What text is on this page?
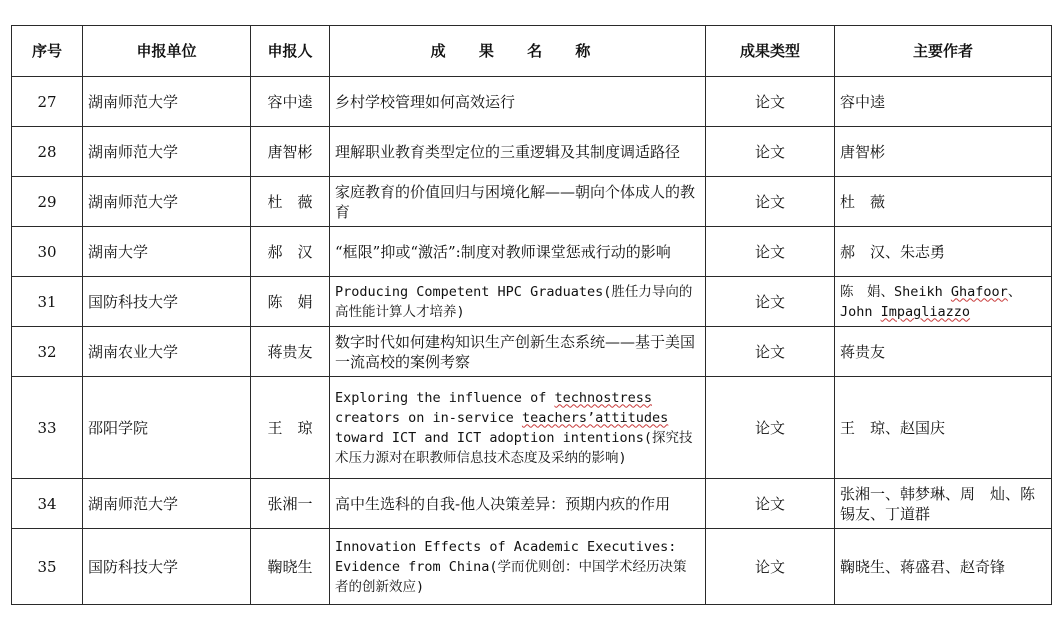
序号	申报单位	申报人	成 果 名 称	成果类型	主要作者
27	湖南师范大学	容中逵	乡村学校管理如何高效运行	论文	容中逵
28	湖南师范大学	唐智彬	理解职业教育类型定位的三重逻辑及其制度调适路径	论文	唐智彬
29	湖南师范大学	杜　薇	家庭教育的价值回归与困境化解——朝向个体成人的教育	论文	杜　薇
30	湖南大学	郝　汉	“框限”抑或“激活”:制度对教师课堂惩戒行动的影响	论文	郝　汉、朱志勇
31	国防科技大学	陈　娟	Producing Competent HPC Graduates(胜任力导向的高性能计算人才培养)	论文	陈　娟、Sheikh Ghafoor、John Impagliazzo
32	湖南农业大学	蒋贵友	数字时代如何建构知识生产创新生态系统——基于美国一流高校的案例考察	论文	蒋贵友
33	邵阳学院	王　琼	Exploring the influence of technostress creators on in-service teachers’attitudes toward ICT and ICT adoption intentions(探究技术压力源对在职教师信息技术态度及采纳的影响)	论文	王　琼、赵国庆
34	湖南师范大学	张湘一	高中生选科的自我-他人决策差异：预期内疚的作用	论文	张湘一、韩梦琳、周　灿、陈锡友、丁道群
35	国防科技大学	鞠晓生	Innovation Effects of Academic Executives: Evidence from China(学而优则创：中国学术经历决策者的创新效应)	论文	鞠晓生、蒋盛君、赵奇锋
